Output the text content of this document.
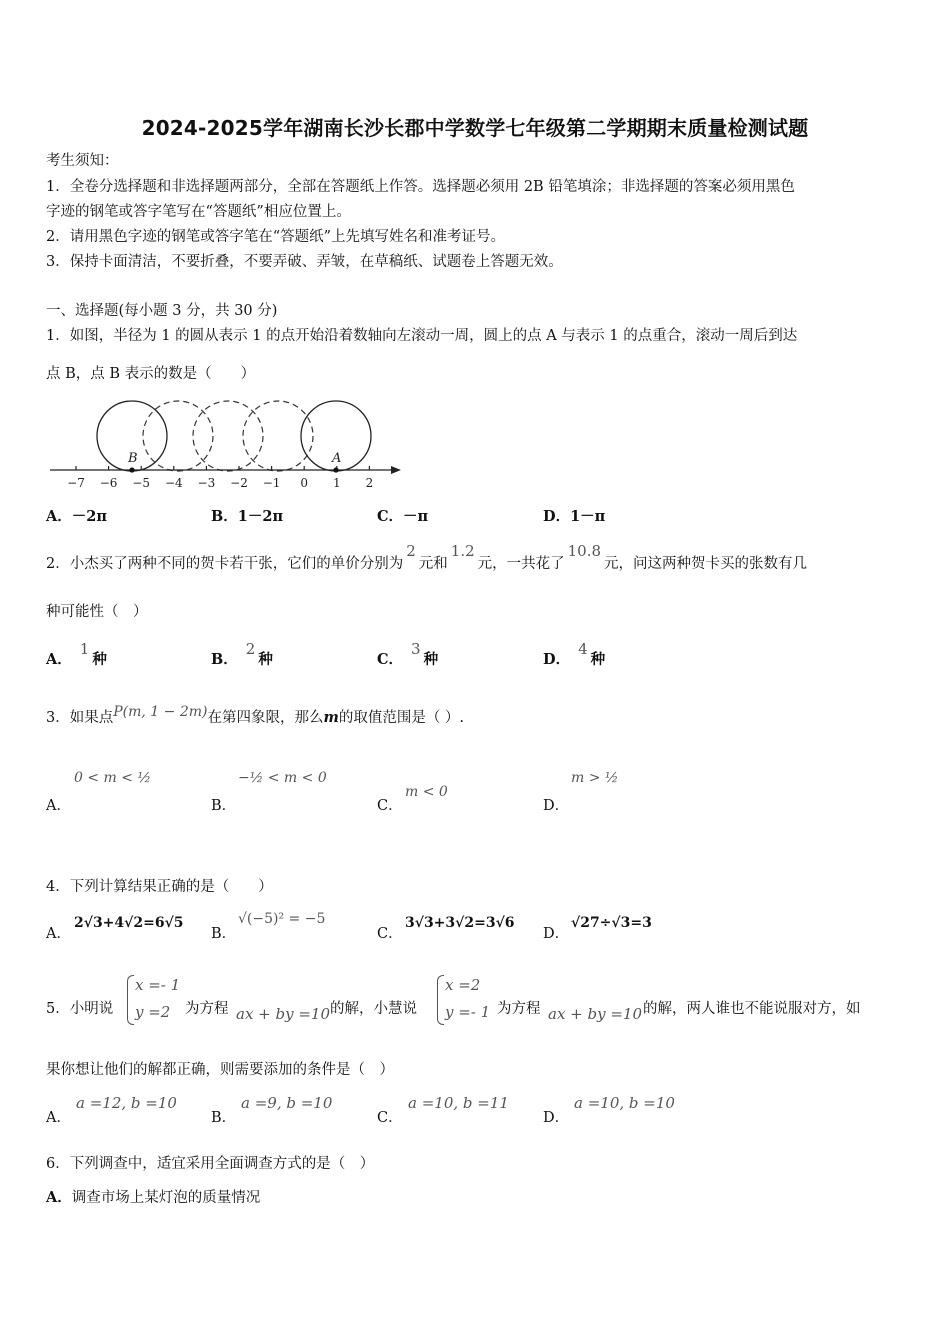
2024-2025学年湖南长沙长郡中学数学七年级第二学期期末质量检测试题
考生须知：
1．全卷分选择题和非选择题两部分，全部在答题纸上作答。选择题必须用 2B 铅笔填涂；非选择题的答案必须用黑色
字迹的钢笔或答字笔写在“答题纸”相应位置上。
2．请用黑色字迹的钢笔或答字笔在“答题纸”上先填写姓名和准考证号。
3．保持卡面清洁，不要折叠，不要弄破、弄皱，在草稿纸、试题卷上答题无效。
一、选择题(每小题 3 分，共 30 分)
1．如图，半径为 1 的圆从表示 1 的点开始沿着数轴向左滚动一周，圆上的点 A 与表示 1 的点重合，滚动一周后到达
点 B，点 B 表示的数是（　　）
−7 −6 −5 −4 −3 −2 −1 0 1 2
B	A
A．－2π	B．1－2π	C．－π	D．1－π
2．小杰买了两种不同的贺卡若干张，它们的单价分别为2元和1.2元，一共花了10.8元，问这两种贺卡买的张数有几
种可能性（　）
A．1种	B．2种	C．3种	D．4种
3．如果点P(m, 1 − 2m)在第四象限，那么m的取值范围是（ ）.
A．
0 < m < ½
B．
−½ < m < 0
C．
m < 0
D．
m > ½
4．下列计算结果正确的是（　　）
A．
2√3+4√2=6√5
B．
√(−5)² = −5
C．
3√3+3√2=3√6
D．
√27÷√3=3
5．小明说
x =- 1
y =2 为方程 ax + by =10 的解，小慧说
x =2
y =- 1 为方程 ax + by =10 的解，两人谁也不能说服对方，如
果你想让他们的解都正确，则需要添加的条件是（　）
A．
a =12, b =10
B．
a =9, b =10
C．
a =10, b =11
D．
a =10, b =10
6．下列调查中，适宜采用全面调查方式的是（　）
A．调查市场上某灯泡的质量情况
